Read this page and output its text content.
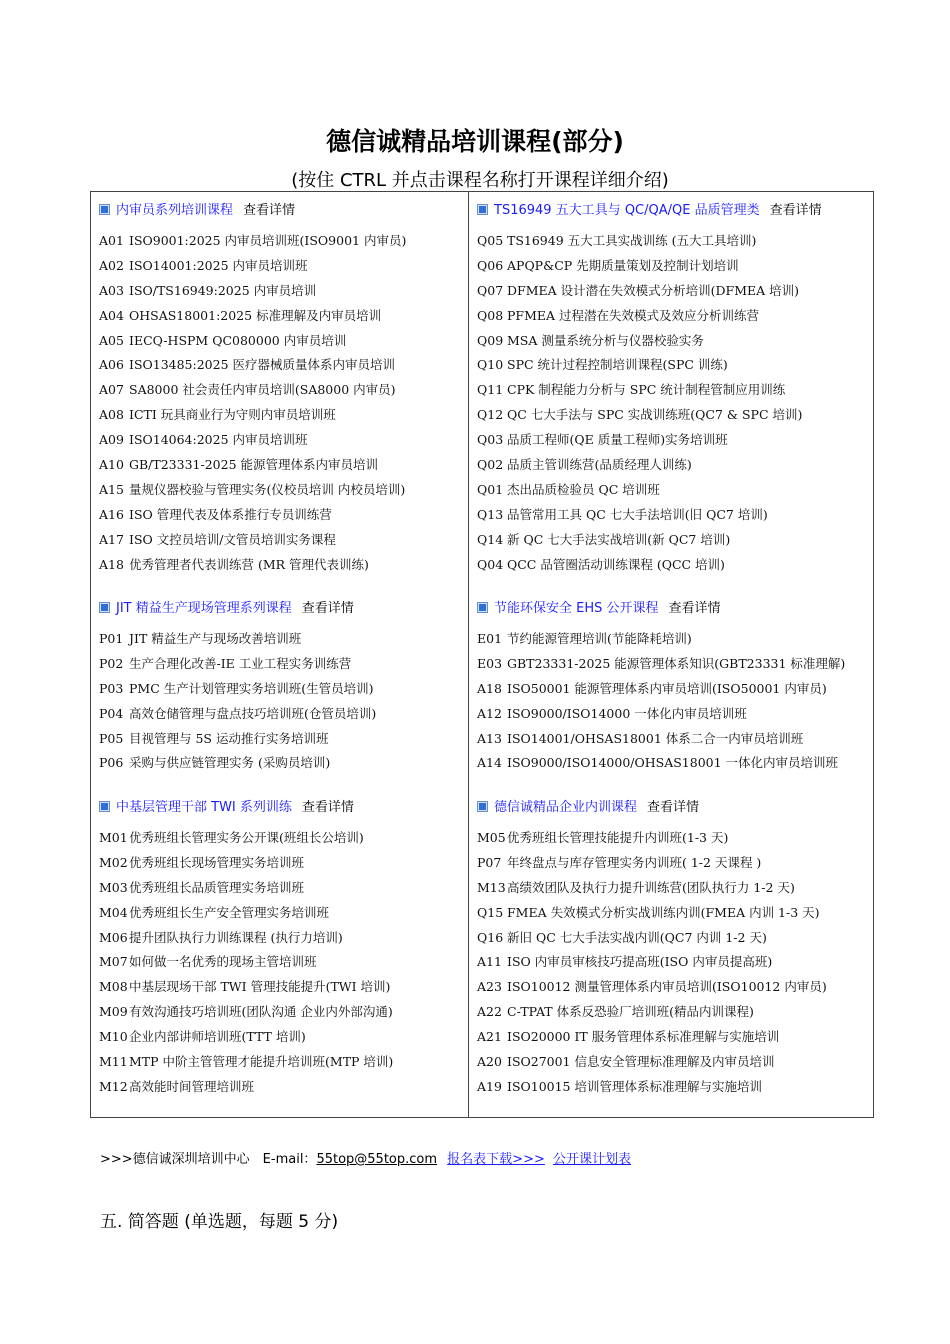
德信诚精品培训课程(部分)
(按住 CTRL 并点击课程名称打开课程详细介绍)
内审员系列培训课程 查看详情
A01 ISO9001:2025 内审员培训班(ISO9001 内审员)
A02 ISO14001:2025 内审员培训班
A03 ISO/TS16949:2025 内审员培训
A04 OHSAS18001:2025 标准理解及内审员培训
A05 IECQ-HSPM QC080000 内审员培训
A06 ISO13485:2025 医疗器械质量体系内审员培训
A07 SA8000 社会责任内审员培训(SA8000 内审员)
A08 ICTI 玩具商业行为守则内审员培训班
A09 ISO14064:2025 内审员培训班
A10 GB/T23331-2025 能源管理体系内审员培训
A15 量规仪器校验与管理实务(仪校员培训 内校员培训)
A16 ISO 管理代表及体系推行专员训练营
A17 ISO 文控员培训/文管员培训实务课程
A18 优秀管理者代表训练营 (MR 管理代表训练)
JIT 精益生产现场管理系列课程 查看详情
P01 JIT 精益生产与现场改善培训班
P02 生产合理化改善-IE 工业工程实务训练营
P03 PMC 生产计划管理实务培训班(生管员培训)
P04 高效仓储管理与盘点技巧培训班(仓管员培训)
P05 目视管理与 5S 运动推行实务培训班
P06 采购与供应链管理实务 (采购员培训)
中基层管理干部 TWI 系列训练 查看详情
M01优秀班组长管理实务公开课(班组长公培训)
M02优秀班组长现场管理实务培训班
M03优秀班组长品质管理实务培训班
M04优秀班组长生产安全管理实务培训班
M06提升团队执行力训练课程 (执行力培训)
M07如何做一名优秀的现场主管培训班
M08中基层现场干部 TWI 管理技能提升(TWI 培训)
M09有效沟通技巧培训班(团队沟通 企业内外部沟通)
M10企业内部讲师培训班(TTT 培训)
M11MTP 中阶主管管理才能提升培训班(MTP 培训)
M12高效能时间管理培训班
TS16949 五大工具与 QC/QA/QE 品质管理类 查看详情
Q05 TS16949 五大工具实战训练 (五大工具培训)
Q06 APQP&CP 先期质量策划及控制计划培训
Q07 DFMEA 设计潜在失效模式分析培训(DFMEA 培训)
Q08 PFMEA 过程潜在失效模式及效应分析训练营
Q09 MSA 测量系统分析与仪器校验实务
Q10 SPC 统计过程控制培训课程(SPC 训练)
Q11 CPK 制程能力分析与 SPC 统计制程管制应用训练
Q12 QC 七大手法与 SPC 实战训练班(QC7 & SPC 培训)
Q03 品质工程师(QE 质量工程师)实务培训班
Q02 品质主管训练营(品质经理人训练)
Q01 杰出品质检验员 QC 培训班
Q13 品管常用工具 QC 七大手法培训(旧 QC7 培训)
Q14 新 QC 七大手法实战培训(新 QC7 培训)
Q04 QCC 品管圈活动训练课程 (QCC 培训)
节能环保安全 EHS 公开课程 查看详情
E01 节约能源管理培训(节能降耗培训)
E03 GBT23331-2025 能源管理体系知识(GBT23331 标准理解)
A18 ISO50001 能源管理体系内审员培训(ISO50001 内审员)
A12 ISO9000/ISO14000 一体化内审员培训班
A13 ISO14001/OHSAS18001 体系二合一内审员培训班
A14 ISO9000/ISO14000/OHSAS18001 一体化内审员培训班
德信诚精品企业内训课程 查看详情
M05优秀班组长管理技能提升内训班(1-3 天)
P07 年终盘点与库存管理实务内训班( 1-2 天课程 )
M13高绩效团队及执行力提升训练营(团队执行力 1-2 天)
Q15 FMEA 失效模式分析实战训练内训(FMEA 内训 1-3 天)
Q16 新旧 QC 七大手法实战内训(QC7 内训 1-2 天)
A11 ISO 内审员审核技巧提高班(ISO 内审员提高班)
A23 ISO10012 测量管理体系内审员培训(ISO10012 内审员)
A22 C-TPAT 体系反恐验厂培训班(精品内训课程)
A21 ISO20000 IT 服务管理体系标准理解与实施培训
A20 ISO27001 信息安全管理标准理解及内审员培训
A19 ISO10015 培训管理体系标准理解与实施培训
>>>德信诚深圳培训中心　E-mail：55top@55top.com 报名表下载>>> 公开课计划表
五. 简答题 (单选题，每题 5 分)
